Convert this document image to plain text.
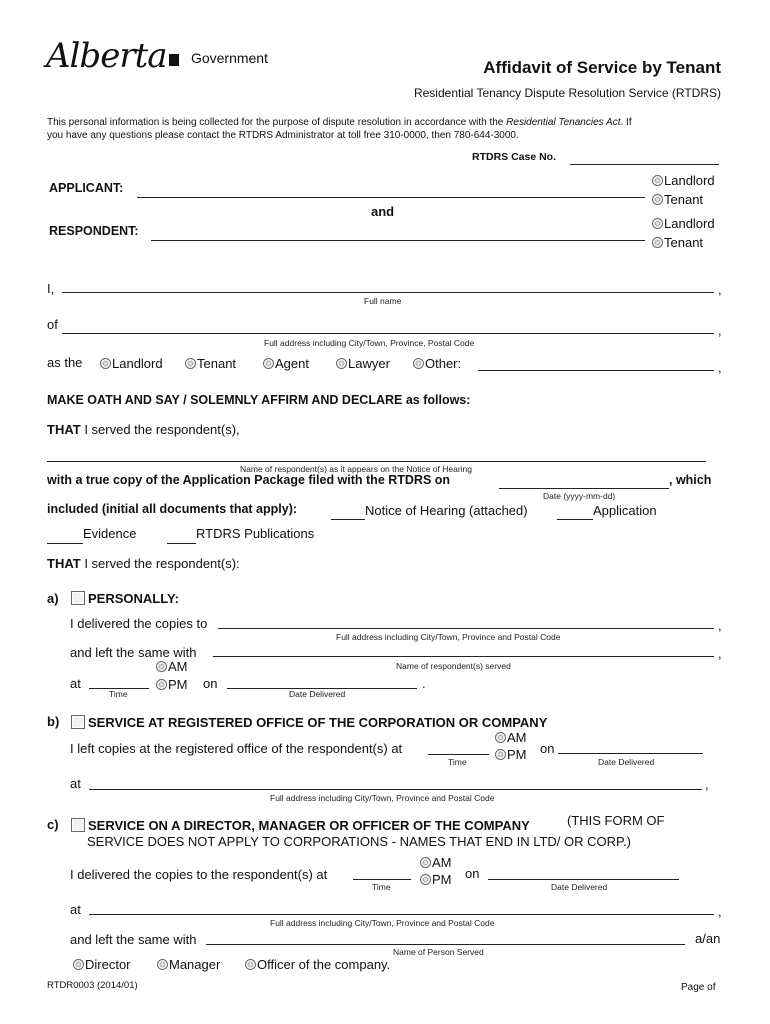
Alberta Government	Affidavit of Service by Tenant
Residential Tenancy Dispute Resolution Service (RTDRS)
This personal information is being collected for the purpose of dispute resolution in accordance with the Residential Tenancies Act. If
you have any questions please contact the RTDRS Administrator at toll free 310-0000, then 780-644-3000.
RTDRS Case No.
APPLICANT:	Landlord
Tenant
and
RESPONDENT:	Landlord
Tenant
I,	,
Full name
of	,
Full address including City/Town, Province, Postal Code
as the	Landlord	Tenant	Agent	Lawyer	Other:	,
MAKE OATH AND SAY / SOLEMNLY AFFIRM AND DECLARE as follows:
THAT I served the respondent(s),
Name of respondent(s) as it appears on the Notice of Hearing
with a true copy of the Application Package filed with the RTDRS on	, which
Date (yyyy-mm-dd)
included (initial all documents that apply):	Notice of Hearing (attached)	Application
Evidence	RTDRS Publications
THAT I served the respondent(s):
a)	PERSONALLY:
I delivered the copies to	,
Full address including City/Town, Province and Postal Code
and left the same with	,
Name of respondent(s) served
AM
at
Time
PM on	.
Date Delivered
b)	SERVICE AT REGISTERED OFFICE OF THE CORPORATION OR COMPANY
I left copies at the registered office of the respondent(s) at
Time
AM
PM on
Date Delivered
at	,
Full address including City/Town, Province and Postal Code
c)	SERVICE ON A DIRECTOR, MANAGER OR OFFICER OF THE COMPANY	(THIS FORM OF
SERVICE DOES NOT APPLY TO CORPORATIONS - NAMES THAT END IN LTD/ OR CORP.)
I delivered the copies to the respondent(s) at
Time
AM
PM on
Date Delivered
at	,
Full address including City/Town, Province and Postal Code
and left the same with	a/an
Name of Person Served
Director	Manager	Officer of the company.
RTDR0003 (2014/01)	Page of
